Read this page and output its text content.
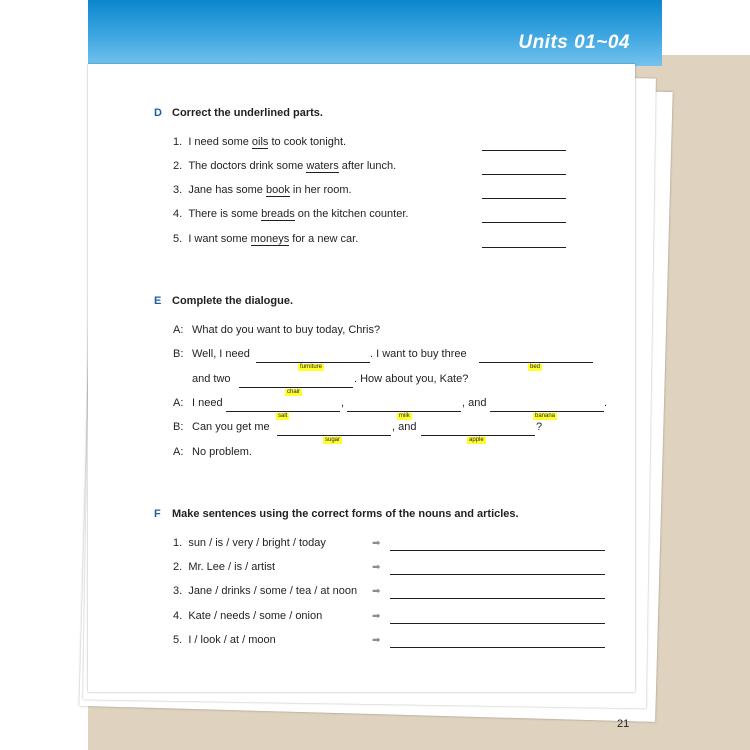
Units 01~04
D Correct the underlined parts.
1. I need some oils to cook tonight.
2. The doctors drink some waters after lunch.
3. Jane has some book in her room.
4. There is some breads on the kitchen counter.
5. I want some moneys for a new car.
E Complete the dialogue.
A: What do you want to buy today, Chris?
B: Well, I need
furniture
. I want to buy three
bed
and two
chair
. How about you, Kate?
A: I need
salt
,
milk
, and
banana
.
B: Can you get me
sugar
, and
apple
?
A: No problem.
F Make sentences using the correct forms of the nouns and articles.
1. sun / is / very / bright / today	➡
2. Mr. Lee / is / artist	➡
3. Jane / drinks / some / tea / at noon ➡
4. Kate / needs / some / onion	➡
5. I / look / at / moon	➡
21
